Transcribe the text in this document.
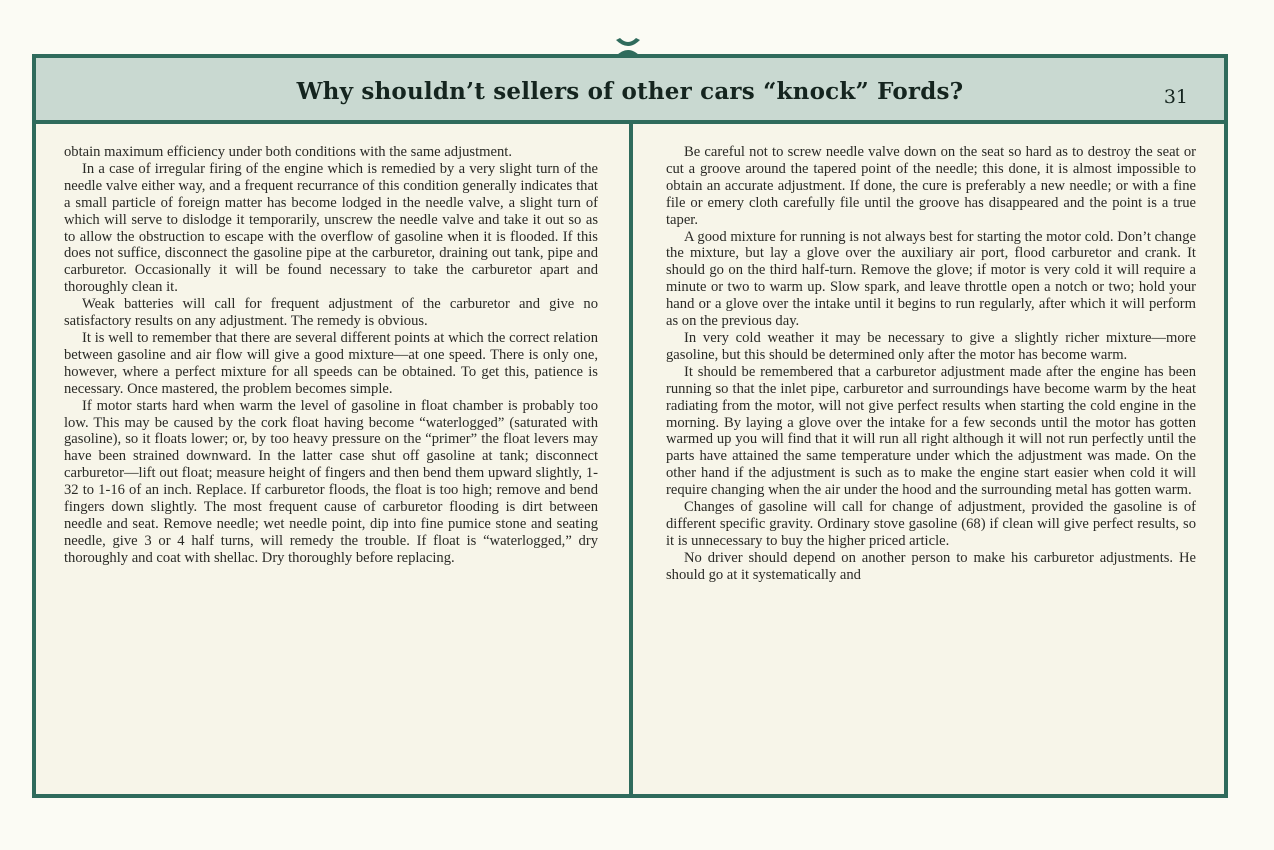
Why shouldn’t sellers of other cars “knock” Fords?	31

obtain maximum efficiency under both conditions with the same adjustment.

In a case of irregular firing of the engine which is remedied by a very slight turn of the needle valve either way, and a frequent recurrance of this condition generally indicates that a small particle of foreign matter has become lodged in the needle valve, a slight turn of which will serve to dislodge it temporarily, unscrew the needle valve and take it out so as to allow the obstruction to escape with the overflow of gasoline when it is flooded. If this does not suffice, disconnect the gasoline pipe at the carburetor, draining out tank, pipe and carburetor. Occasionally it will be found necessary to take the carburetor apart and thoroughly clean it.

Weak batteries will call for frequent adjustment of the carburetor and give no satisfactory results on any adjustment. The remedy is obvious.

It is well to remember that there are several different points at which the correct relation between gasoline and air flow will give a good mixture—at one speed. There is only one, however, where a perfect mixture for all speeds can be obtained. To get this, patience is necessary. Once mastered, the problem becomes simple.

If motor starts hard when warm the level of gasoline in float chamber is probably too low. This may be caused by the cork float having become “waterlogged” (saturated with gasoline), so it floats lower; or, by too heavy pressure on the “primer” the float levers may have been strained downward. In the latter case shut off gasoline at tank; disconnect carburetor—lift out float; measure height of fingers and then bend them upward slightly, 1-32 to 1-16 of an inch. Replace. If carburetor floods, the float is too high; remove and bend fingers down slightly. The most frequent cause of carburetor flooding is dirt between needle and seat. Remove needle; wet needle point, dip into fine pumice stone and seating needle, give 3 or 4 half turns, will remedy the trouble. If float is “waterlogged,” dry thoroughly and coat with shellac. Dry thoroughly before replacing.

Be careful not to screw needle valve down on the seat so hard as to destroy the seat or cut a groove around the tapered point of the needle; this done, it is almost impossible to obtain an accurate adjustment. If done, the cure is preferably a new needle; or with a fine file or emery cloth carefully file until the groove has disappeared and the point is a true taper.

A good mixture for running is not always best for starting the motor cold. Don’t change the mixture, but lay a glove over the auxiliary air port, flood carburetor and crank. It should go on the third half-turn. Remove the glove; if motor is very cold it will require a minute or two to warm up. Slow spark, and leave throttle open a notch or two; hold your hand or a glove over the intake until it begins to run regularly, after which it will perform as on the previous day.

In very cold weather it may be necessary to give a slightly richer mixture—more gasoline, but this should be determined only after the motor has become warm.

It should be remembered that a carburetor adjustment made after the engine has been running so that the inlet pipe, carburetor and surroundings have become warm by the heat radiating from the motor, will not give perfect results when starting the cold engine in the morning. By laying a glove over the intake for a few seconds until the motor has gotten warmed up you will find that it will run all right although it will not run perfectly until the parts have attained the same temperature under which the adjustment was made. On the other hand if the adjustment is such as to make the engine start easier when cold it will require changing when the air under the hood and the surrounding metal has gotten warm.

Changes of gasoline will call for change of adjustment, provided the gasoline is of different specific gravity. Ordinary stove gasoline (68) if clean will give perfect results, so it is unnecessary to buy the higher priced article.

No driver should depend on another person to make his carburetor adjustments. He should go at it systematically and
